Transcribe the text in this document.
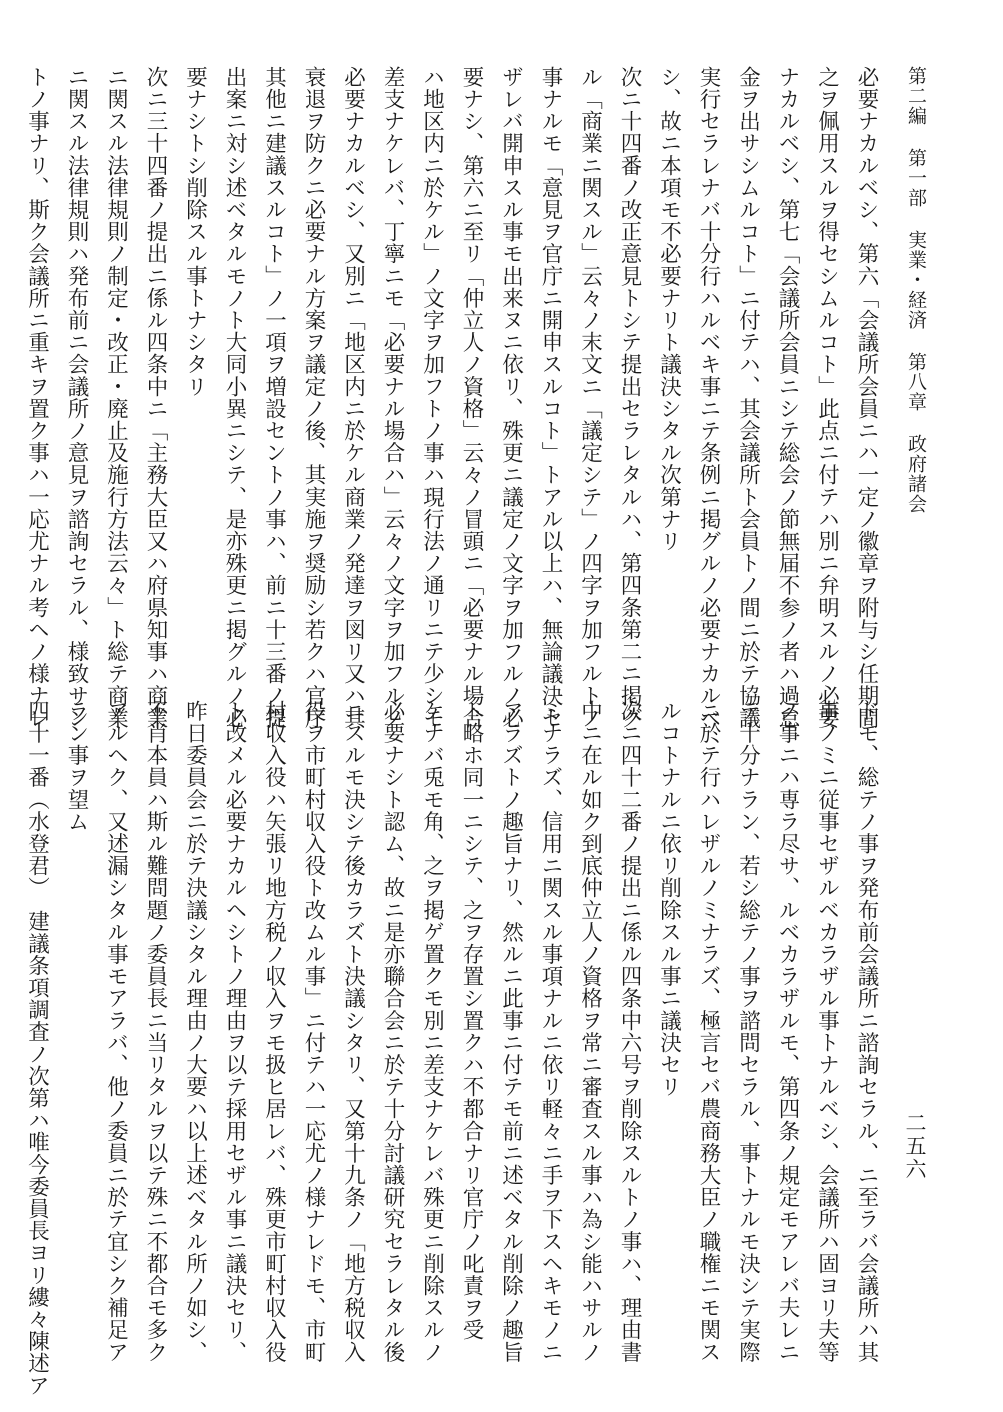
第二編
第一部
実業・経済
第八章
政府諸会
二五六
必要ナカルベシ、第六「会議所会員ニハ一定ノ徽章ヲ附与シ任期間
之ヲ佩用スルヲ得セシムルコト」此点ニ付テハ別ニ弁明スルノ必要
ナカルベシ、第七「会議所会員ニシテ総会ノ節無届不参ノ者ハ過怠
金ヲ出サシムルコト」ニ付テハ、其会議所ト会員トノ間ニ於テ協議
実行セラレナバ十分行ハルベキ事ニテ条例ニ掲グルノ必要ナカルベ
シ、故ニ本項モ不必要ナリト議決シタル次第ナリ
次ニ十四番ノ改正意見トシテ提出セラレタルハ、第四条第二ニ掲グ
ル「商業ニ関スル」云々ノ末文ニ「議定シテ」ノ四字ヲ加フルトノ
事ナルモ「意見ヲ官庁ニ開申スルコト」トアル以上ハ、無論議決セ
ザレバ開申スル事モ出来ヌニ依リ、殊更ニ議定ノ文字ヲ加フルノ必
要ナシ、第六ニ至リ「仲立人ノ資格」云々ノ冒頭ニ「必要ナル場合
ハ地区内ニ於ケル」ノ文字ヲ加フトノ事ハ現行法ノ通リニテ少シモ
差支ナケレバ、丁寧ニモ「必要ナル場合ハ」云々ノ文字ヲ加フルノ
必要ナカルベシ、又別ニ「地区内ニ於ケル商業ノ発達ヲ図リ又ハ其
衰退ヲ防クニ必要ナル方案ヲ議定ノ後、其実施ヲ奨励シ若クハ官庁
其他ニ建議スルコト」ノ一項ヲ増設セントノ事ハ、前ニ十三番ノ提
出案ニ対シ述ベタルモノト大同小異ニシテ、是亦殊更ニ掲グルノ必
要ナシトシ削除スル事トナシタリ
次ニ三十四番ノ提出ニ係ル四条中ニ「主務大臣又ハ府県知事ハ商業
ニ関スル法律規則ノ制定・改正・廃止及施行方法云々」ト総テ商業
ニ関スル法律規則ハ発布前ニ会議所ノ意見ヲ諮詢セラル、様致サン
トノ事ナリ、斯ク会議所ニ重キヲ置ク事ハ一応尤ナル考ヘノ様ナレ
ドモ、総テノ事ヲ発布前会議所ニ諮詢セラル、ニ至ラバ会議所ハ其
事ノミニ従事セザルベカラザル事トナルベシ、会議所ハ固ヨリ夫等
ノ事ニハ専ラ尽サ、ルベカラザルモ、第四条ノ規定モアレバ夫レニ
テ十分ナラン、若シ総テノ事ヲ諮問セラル、事トナルモ決シテ実際
ニ於テ行ハレザルノミナラズ、極言セバ農商務大臣ノ職権ニモ関ス
ルコトナルニ依リ削除スル事ニ議決セリ
次ニ四十二番ノ提出ニ係ル四条中六号ヲ削除スルトノ事ハ、理由書
中ニ在ル如ク到底仲立人ノ資格ヲ常ニ審査スル事ハ為シ能ハサルノ
ミナラズ、信用ニ関スル事項ナルニ依リ軽々ニ手ヲ下スヘキモノニ
アラズトノ趣旨ナリ、然ルニ此事ニ付テモ前ニ述ベタル削除ノ趣旨
ト略ホ同一ニシテ、之ヲ存置シ置クハ不都合ナリ官庁ノ叱責ヲ受
ケナバ兎モ角、之ヲ掲ゲ置クモ別ニ差支ナケレバ殊更ニ削除スルノ
必要ナシト認ム、故ニ是亦聯合会ニ於テ十分討議研究セラレタル後
ニスルモ決シテ後カラズト決議シタリ、又第十九条ノ「地方税収入
役ヲ市町村収入役ト改ムル事」ニ付テハ一応尤ノ様ナレドモ、市町
村収入役ハ矢張リ地方税ノ収入ヲモ扱ヒ居レバ、殊更市町村収入役
ト改メル必要ナカルヘシトノ理由ヲ以テ採用セザル事ニ議決セリ、
昨日委員会ニ於テ決議シタル理由ノ大要ハ以上述ベタル所ノ如シ、
不肖本員ハ斯ル難問題ノ委員長ニ当リタルヲ以テ殊ニ不都合モ多ク
アルヘク、又述漏シタル事モアラバ、他ノ委員ニ於テ宜シク補足ア
ラン事ヲ望ム
四十一番（水登君）　建議条項調査ノ次第ハ唯今委員長ヨリ縷々陳述ア
